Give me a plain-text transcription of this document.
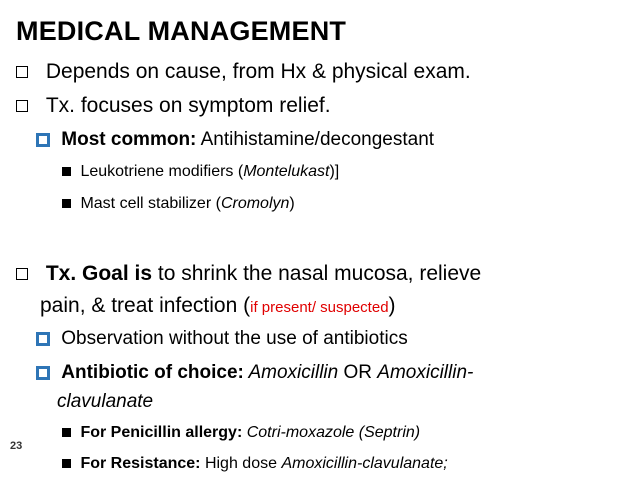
MEDICAL MANAGEMENT
Depends on cause, from Hx & physical exam.
Tx. focuses on symptom relief.
Most common: Antihistamine/decongestant
Leukotriene modifiers (Montelukast)]
Mast cell stabilizer (Cromolyn)
Tx. Goal is to shrink the nasal mucosa, relieve
pain, & treat infection (if present/ suspected)
Observation without the use of antibiotics
Antibiotic of choice: Amoxicillin OR Amoxicillin-
clavulanate
For Penicillin allergy: Cotri-moxazole (Septrin)
For Resistance: High dose Amoxicillin-clavulanate;
23
